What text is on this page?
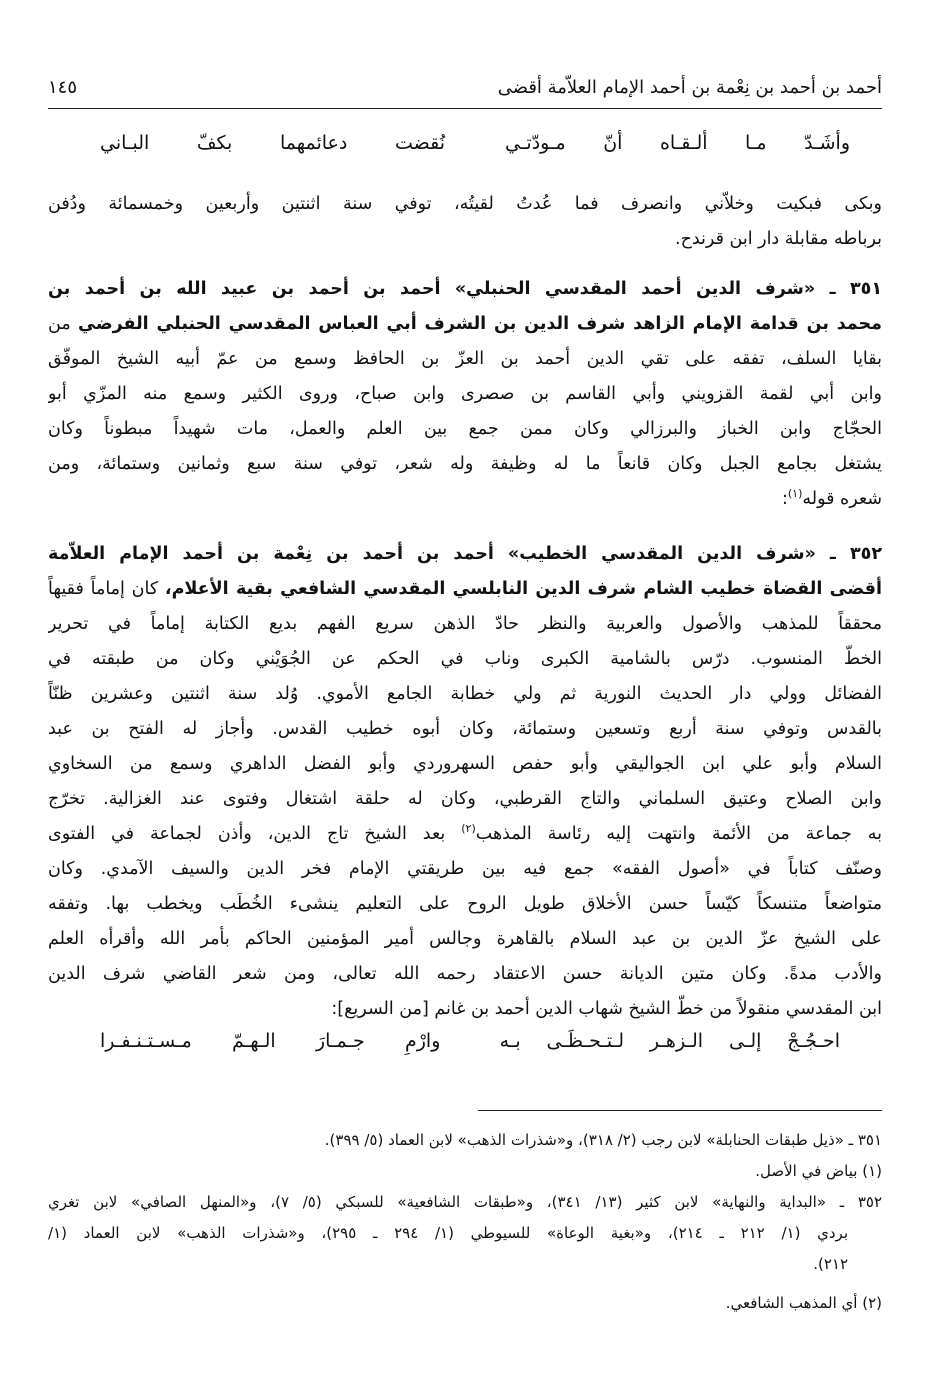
أحمد بن أحمد بن نِعْمة بن أحمد الإمام العلاّمة أقضى
١٤٥
وأشَـدّ مـا ألـقـاه أنّ مـودّتـي
نُقضت دعائمهما بكفّ البـاني
وبكى فبكيت وخلاّني وانصرف فما عُدتُ لقيتُه، توفي سنة اثنتين وأربعين وخمسمائة ودُفن
برباطه مقابلة دار ابن قرندح.
٣٥١ ـ «شرف الدين أحمد المقدسي الحنبلي» أحمد بن أحمد بن عبيد الله بن أحمد بن
محمد بن قدامة الإمام الزاهد شرف الدين بن الشرف أبي العباس المقدسي الحنبلي الفرضي من
بقايا السلف، تفقه على تقي الدين أحمد بن العزّ بن الحافظ وسمع من عمّ أبيه الشيخ الموفّق
وابن أبي لقمة القزويني وأبي القاسم بن صصرى وابن صباح، وروى الكثير وسمع منه المزّي أبو
الحجّاج وابن الخباز والبرزالي وكان ممن جمع بين العلم والعمل، مات شهيداً مبطوناً وكان
يشتغل بجامع الجبل وكان قانعاً ما له وظيفة وله شعر، توفي سنة سبع وثمانين وستمائة، ومن
شعره قوله$^{(١)}$:
٣٥٢ ـ «شرف الدين المقدسي الخطيب» أحمد بن أحمد بن نِعْمة بن أحمد الإمام العلاّمة
أقضى القضاة خطيب الشام شرف الدين النابلسي المقدسي الشافعي بقية الأعلام، كان إماماً فقيهاً
محققاً للمذهب والأصول والعربية والنظر حادّ الذهن سريع الفهم بديع الكتابة إماماً في تحرير
الخطّ المنسوب. درّس بالشامية الكبرى وناب في الحكم عن الجُوَيْني وكان من طبقته في
الفضائل وولي دار الحديث النورية ثم ولي خطابة الجامع الأموي. وُلد سنة اثنتين وعشرين ظنّاً
بالقدس وتوفي سنة أربع وتسعين وستمائة، وكان أبوه خطيب القدس. وأجاز له الفتح بن عبد
السلام وأبو علي ابن الجواليقي وأبو حفص السهروردي وأبو الفضل الداهري وسمع من السخاوي
وابن الصلاح وعتيق السلماني والتاج القرطبي، وكان له حلقة اشتغال وفتوى عند الغزالية. تخرّج
به جماعة من الأئمة وانتهت إليه رئاسة المذهب$^{(٢)}$ بعد الشيخ تاج الدين، وأذن لجماعة في الفتوى
وصنّف كتاباً في «أصول الفقه» جمع فيه بين طريقتي الإمام فخر الدين والسيف الآمدي. وكان
متواضعاً متنسكاً كيّساً حسن الأخلاق طويل الروح على التعليم ينشىء الخُطَب ويخطب بها. وتفقه
على الشيخ عزّ الدين بن عبد السلام بالقاهرة وجالس أمير المؤمنين الحاكم بأمر الله وأقرأه العلم
والأدب مدةً. وكان متين الديانة حسن الاعتقاد رحمه الله تعالى، ومن شعر القاضي شرف الدين
ابن المقدسي منقولاً من خطّ الشيخ شهاب الدين أحمد بن غانم [من السريع]:
احـجُـجْ إلـى الـزهـر لـتـحـظَـى بـه
وارْمِ جـمـارَ الـهـمّ مـسـتـنـفـرا
٣٥١ ـ «ذيل طبقات الحنابلة» لابن رجب (٢/ ٣١٨)، و«شذرات الذهب» لابن العماد (٥/ ٣٩٩).
(١) بياض في الأصل.
٣٥٢ ـ «البداية والنهاية» لابن كثير (١٣/ ٣٤١)، و«طبقات الشافعية» للسبكي (٥/ ٧)، و«المنهل الصافي» لابن تغري
بردي (١/ ٢١٢ ـ ٢١٤)، و«بغية الوعاة» للسيوطي (١/ ٢٩٤ ـ ٢٩٥)، و«شذرات الذهب» لابن العماد (١/
٢١٢).
(٢) أي المذهب الشافعي.
